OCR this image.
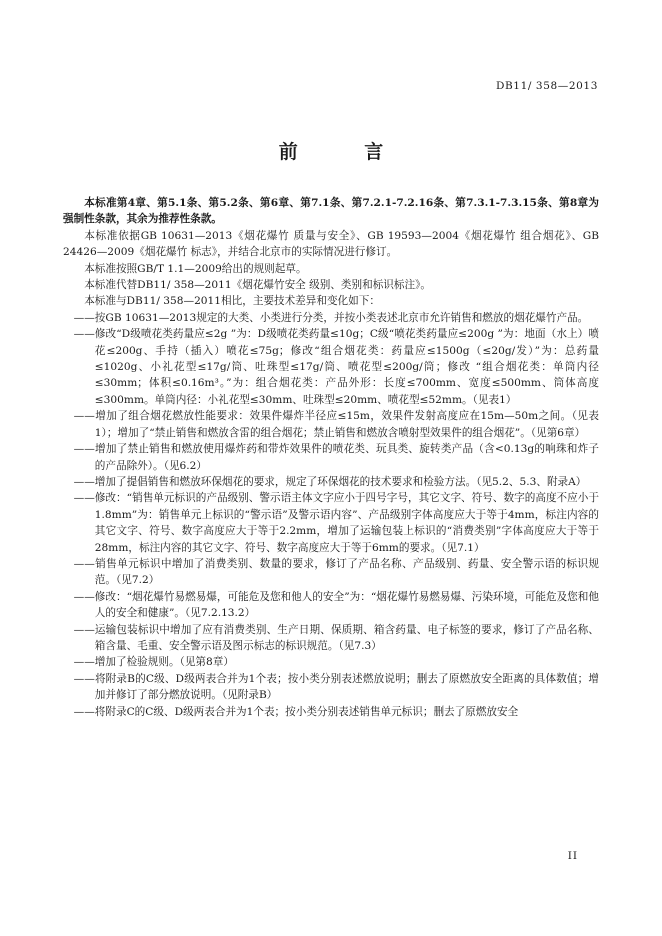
DB11/ 358—2013
前 言

本标准第4章、第5.1条、第5.2条、第6章、第7.1条、第7.2.1-7.2.16条、第7.3.1-7.3.15条、第8章为强制性条款，其余为推荐性条款。

本标准依据GB 10631—2013《烟花爆竹 质量与安全》、GB 19593—2004《烟花爆竹 组合烟花》、GB 24426—2009《烟花爆竹 标志》，并结合北京市的实际情况进行修订。

本标准按照GB/T 1.1—2009给出的规则起草。

本标准代替DB11/ 358—2011《烟花爆竹安全 级别、类别和标识标注》。

本标准与DB11/ 358—2011相比，主要技术差异和变化如下：

——按GB 10631—2013规定的大类、小类进行分类，并按小类表述北京市允许销售和燃放的烟花爆竹产品。

——修改“D级喷花类药量应≤2g ”为：D级喷花类药量≤10g；C级“喷花类药量应≤200g ”为：地面（水上）喷花≤200g、手持（插入）喷花≤75g；修改“组合烟花类：药量应≤1500g（≤20g/发）”为：总药量≤1020g、小礼花型≤17g/筒、吐珠型≤17g/筒、喷花型≤200g/筒；修改 “组合烟花类：单筒内径≤30mm；体积≤0.16m³。”为：组合烟花类：产品外形：长度≤700mm、宽度≤500mm、筒体高度≤300mm。单筒内径：小礼花型≤30mm、吐珠型≤20mm、喷花型≤52mm。（见表1）

——增加了组合烟花燃放性能要求：效果件爆炸半径应≤15m，效果件发射高度应在15m—50m之间。（见表1）；增加了“禁止销售和燃放含雷的组合烟花；禁止销售和燃放含喷射型效果件的组合烟花”。（见第6章）

——增加了禁止销售和燃放使用爆炸药和带炸效果件的喷花类、玩具类、旋转类产品（含<0.13g的响珠和炸子的产品除外）。（见6.2）

——增加了提倡销售和燃放环保烟花的要求，规定了环保烟花的技术要求和检验方法。（见5.2、5.3、附录A）

——修改：“销售单元标识的产品级别、警示语主体文字应小于四号字号，其它文字、符号、数字的高度不应小于1.8mm”为：销售单元上标识的“警示语”及警示语内容”、产品级别字体高度应大于等于4mm，标注内容的其它文字、符号、数字高度应大于等于2.2mm，增加了运输包装上标识的“消费类别”字体高度应大于等于 28mm，标注内容的其它文字、符号、数字高度应大于等于6mm的要求。（见7.1）

——销售单元标识中增加了消费类别、数量的要求，修订了产品名称、产品级别、药量、安全警示语的标识规范。（见7.2）

——修改：“烟花爆竹易燃易爆，可能危及您和他人的安全”为：“烟花爆竹易燃易爆、污染环境，可能危及您和他人的安全和健康”。（见7.2.13.2）

——运输包装标识中增加了应有消费类别、生产日期、保质期、箱含药量、电子标签的要求，修订了产品名称、箱含量、毛重、安全警示语及图示标志的标识规范。（见7.3）

——增加了检验规则。（见第8章）

——将附录B的C级、D级两表合并为1个表；按小类分别表述燃放说明；删去了原燃放安全距离的具体数值；增加并修订了部分燃放说明。（见附录B）

——将附录C的C级、D级两表合并为1个表；按小类分别表述销售单元标识；删去了原燃放安全

II
